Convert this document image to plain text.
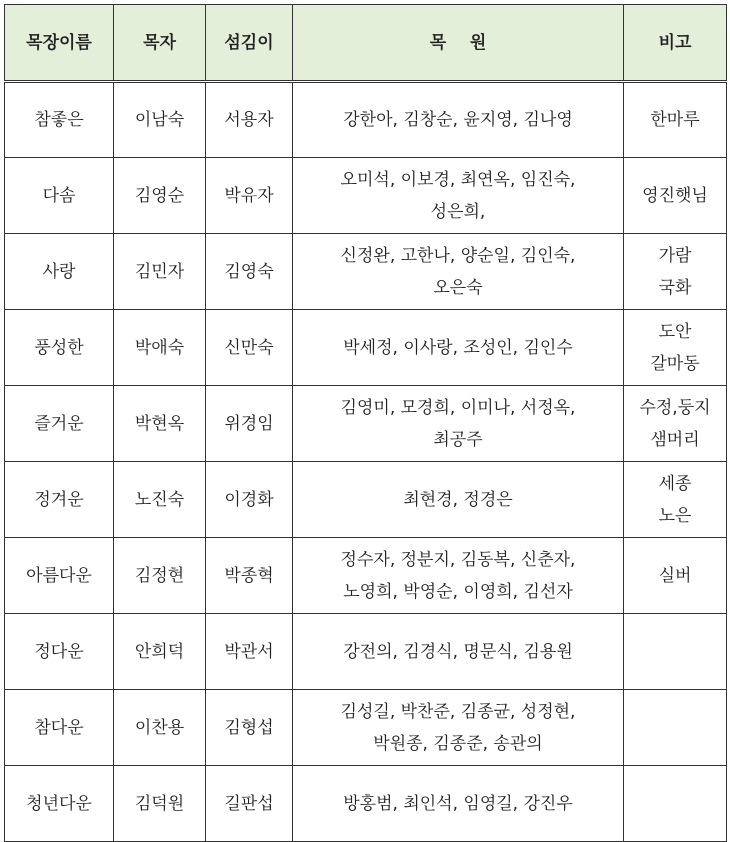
목장이름	목자	섬김이	목    원	비고
참좋은	이남숙	서용자	강한아, 김창순, 윤지영, 김나영	한마루

다솜	김영순	박유자	오미석, 이보경, 최연옥, 임진숙,
성은희,	영진햇님

사랑	김민자	김영숙	신정완, 고한나, 양순일, 김인숙,
오은숙	가람
국화

풍성한	박애숙	신만숙	박세정, 이사랑, 조성인, 김인수	도안
갈마동

즐거운	박현옥	위경임	김영미, 모경희, 이미나, 서정옥,
최공주	수정,둥지
샘머리

정겨운	노진숙	이경화	최현경, 정경은	세종
노은

아름다운	김정현	박종혁	정수자, 정분지, 김동복, 신춘자,
노영희, 박영순, 이영희, 김선자	실버

정다운	안희덕	박관서	강전의, 김경식, 명문식, 김용원	

참다운	이찬용	김형섭	김성길, 박찬준, 김종균, 성정현,
박원종, 김종준, 송관의	

청년다운	김덕원	길판섭	방홍범, 최인석, 임영길, 강진우	
